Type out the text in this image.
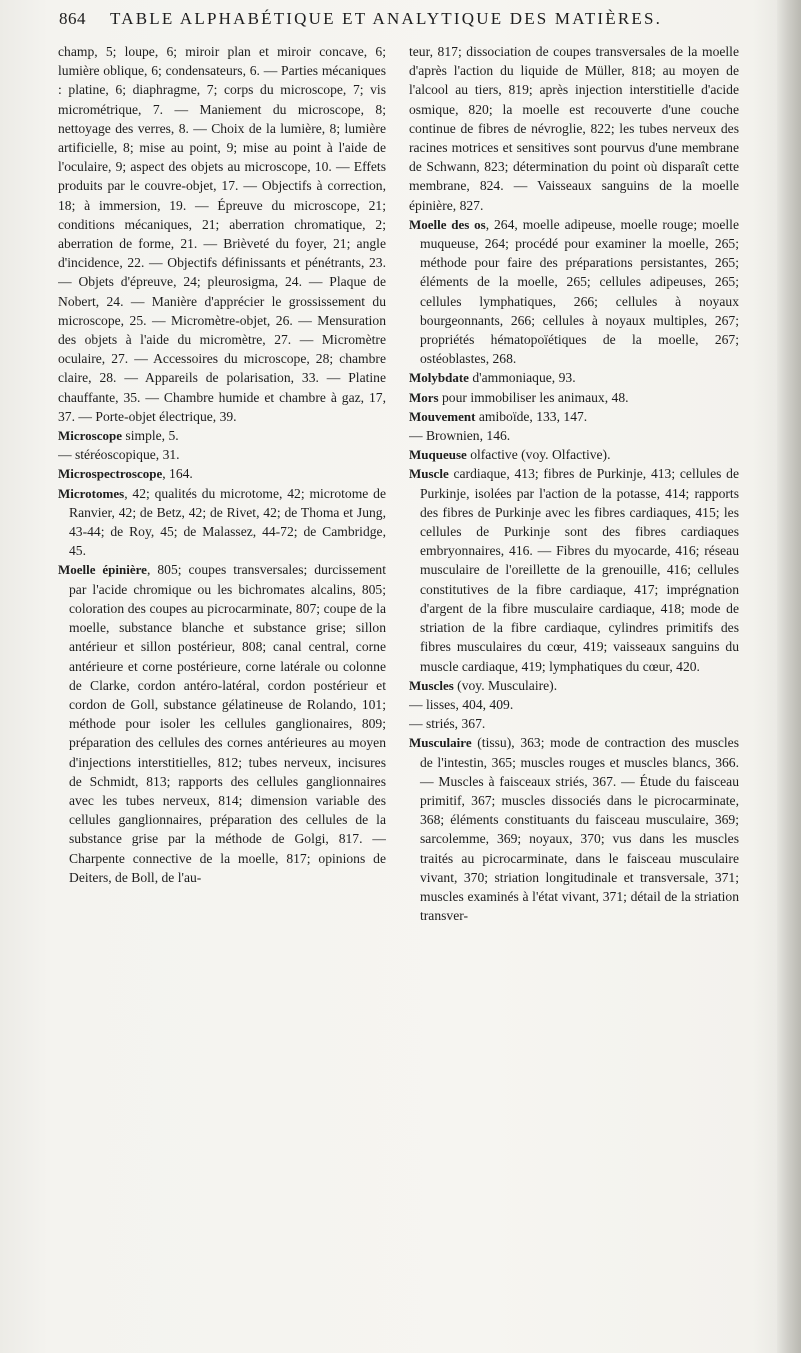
864 TABLE ALPHABÉTIQUE ET ANALYTIQUE DES MATIÈRES.

champ, 5; loupe, 6; miroir plan et miroir concave, 6; lumière oblique, 6; condensateurs, 6. — Parties mécaniques : platine, 6; diaphragme, 7; corps du microscope, 7; vis micrométrique, 7. — Maniement du microscope, 8; nettoyage des verres, 8. — Choix de la lumière, 8; lumière artificielle, 8; mise au point, 9; mise au point à l'aide de l'oculaire, 9; aspect des objets au microscope, 10. — Effets produits par le couvre-objet, 17. — Objectifs à correction, 18; à immersion, 19. — Épreuve du microscope, 21; conditions mécaniques, 21; aberration chromatique, 2; aberration de forme, 21. — Brièveté du foyer, 21; angle d'incidence, 22. — Objectifs définissants et pénétrants, 23. — Objets d'épreuve, 24; pleurosigma, 24. — Plaque de Nobert, 24. — Manière d'apprécier le grossissement du microscope, 25. — Micromètre-objet, 26. — Mensuration des objets à l'aide du micromètre, 27. — Micromètre oculaire, 27. — Accessoires du microscope, 28; chambre claire, 28. — Appareils de polarisation, 33. — Platine chauffante, 35. — Chambre humide et chambre à gaz, 17, 37. — Porte-objet électrique, 39.

Microscope simple, 5.

— stéréoscopique, 31.

Microspectroscope, 164.

Microtomes, 42; qualités du microtome, 42; microtome de Ranvier, 42; de Betz, 42; de Rivet, 42; de Thoma et Jung, 43-44; de Roy, 45; de Malassez, 44-72; de Cambridge, 45.

Moelle épinière, 805; coupes transversales; durcissement par l'acide chromique ou les bichromates alcalins, 805; coloration des coupes au picrocarminate, 807; coupe de la moelle, substance blanche et substance grise; sillon antérieur et sillon postérieur, 808; canal central, corne antérieure et corne postérieure, corne latérale ou colonne de Clarke, cordon antéro-latéral, cordon postérieur et cordon de Goll, substance gélatineuse de Rolando, 101; méthode pour isoler les cellules ganglionaires, 809; préparation des cellules des cornes antérieures au moyen d'injections interstitielles, 812; tubes nerveux, incisures de Schmidt, 813; rapports des cellules ganglionnaires avec les tubes nerveux, 814; dimension variable des cellules ganglionnaires, préparation des cellules de la substance grise par la méthode de Golgi, 817. — Charpente connective de la moelle, 817; opinions de Deiters, de Boll, de l'au-

teur, 817; dissociation de coupes transversales de la moelle d'après l'action du liquide de Müller, 818; au moyen de l'alcool au tiers, 819; après injection interstitielle d'acide osmique, 820; la moelle est recouverte d'une couche continue de fibres de névroglie, 822; les tubes nerveux des racines motrices et sensitives sont pourvus d'une membrane de Schwann, 823; détermination du point où disparaît cette membrane, 824. — Vaisseaux sanguins de la moelle épinière, 827.

Moelle des os, 264, moelle adipeuse, moelle rouge; moelle muqueuse, 264; procédé pour examiner la moelle, 265; méthode pour faire des préparations persistantes, 265; éléments de la moelle, 265; cellules adipeuses, 265; cellules lymphatiques, 266; cellules à noyaux bourgeonnants, 266; cellules à noyaux multiples, 267; propriétés hématopoïétiques de la moelle, 267; ostéoblastes, 268.

Molybdate d'ammoniaque, 93.

Mors pour immobiliser les animaux, 48.

Mouvement amiboïde, 133, 147.

— Brownien, 146.

Muqueuse olfactive (voy. Olfactive).

Muscle cardiaque, 413; fibres de Purkinje, 413; cellules de Purkinje, isolées par l'action de la potasse, 414; rapports des fibres de Purkinje avec les fibres cardiaques, 415; les cellules de Purkinje sont des fibres cardiaques embryonnaires, 416. — Fibres du myocarde, 416; réseau musculaire de l'oreillette de la grenouille, 416; cellules constitutives de la fibre cardiaque, 417; imprégnation d'argent de la fibre musculaire cardiaque, 418; mode de striation de la fibre cardiaque, cylindres primitifs des fibres musculaires du cœur, 419; vaisseaux sanguins du muscle cardiaque, 419; lymphatiques du cœur, 420.

Muscles (voy. Musculaire).

— lisses, 404, 409.

— striés, 367.

Musculaire (tissu), 363; mode de contraction des muscles de l'intestin, 365; muscles rouges et muscles blancs, 366. — Muscles à faisceaux striés, 367. — Étude du faisceau primitif, 367; muscles dissociés dans le picrocarminate, 368; éléments constituants du faisceau musculaire, 369; sarcolemme, 369; noyaux, 370; vus dans les muscles traités au picrocarminate, dans le faisceau musculaire vivant, 370; striation longitudinale et transversale, 371; muscles examinés à l'état vivant, 371; détail de la striation transver-
